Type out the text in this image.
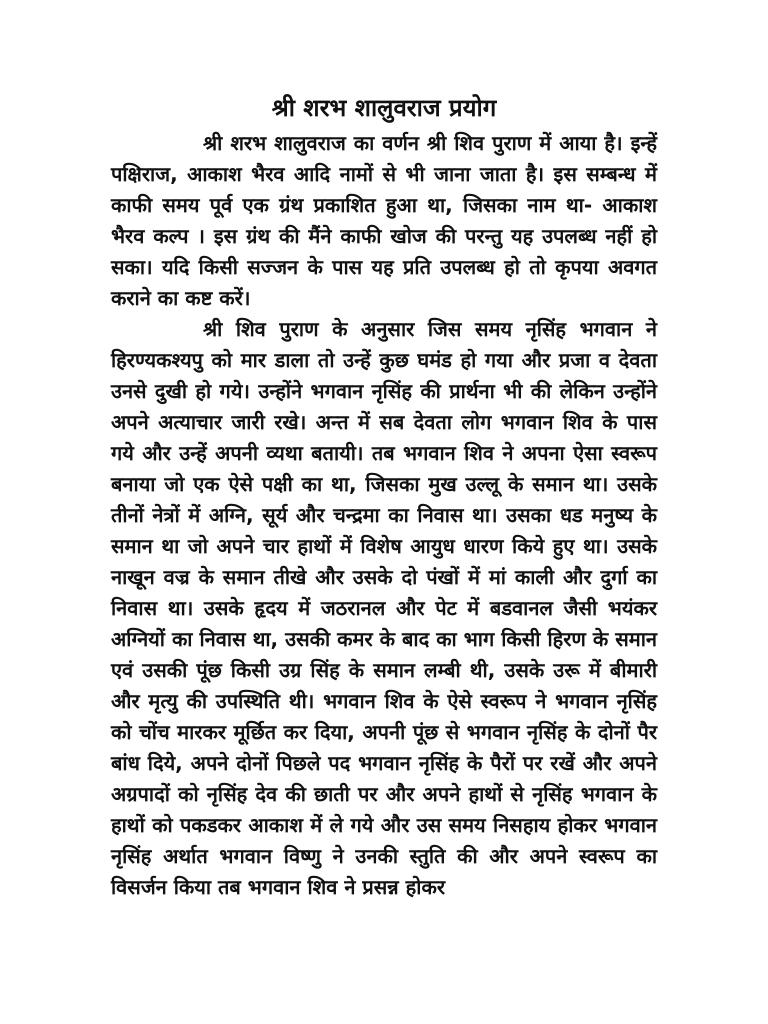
श्री शरभ शालुवराज प्रयोग

श्री शरभ शालुवराज का वर्णन श्री शिव पुराण में आया है। इन्हें पक्षिराज, आकाश भैरव आदि नामों से भी जाना जाता है। इस सम्बन्ध में काफी समय पूर्व एक ग्रंथ प्रकाशित हुआ था, जिसका नाम था- आकाश भैरव कल्प । इस ग्रंथ की मैंने काफी खोज की परन्तु यह उपलब्ध नहीं हो सका। यदि किसी सज्जन के पास यह प्रति उपलब्ध हो तो कृपया अवगत कराने का कष्ट करें।

श्री शिव पुराण के अनुसार जिस समय नृसिंह भगवान ने हिरण्यकश्यपु को मार डाला तो उन्हें कुछ घमंड हो गया और प्रजा व देवता उनसे दुखी हो गये। उन्होंने भगवान नृसिंह की प्रार्थना भी की लेकिन उन्होंने अपने अत्याचार जारी रखे। अन्त में सब देवता लोग भगवान शिव के पास गये और उन्हें अपनी व्यथा बतायी। तब भगवान शिव ने अपना ऐसा स्वरूप बनाया जो एक ऐसे पक्षी का था, जिसका मुख उल्लू के समान था। उसके तीनों नेत्रों में अग्नि, सूर्य और चन्द्रमा का निवास था। उसका धड मनुष्य के समान था जो अपने चार हाथों में विशेष आयुध धारण किये हुए था। उसके नाखून वज्र के समान तीखे और उसके दो पंखों में मां काली और दुर्गा का निवास था। उसके हृदय में जठरानल और पेट में बडवानल जैसी भयंकर अग्नियों का निवास था, उसकी कमर के बाद का भाग किसी हिरण के समान एवं उसकी पूंछ किसी उग्र सिंह के समान लम्बी थी, उसके उरू में बीमारी और मृत्यु की उपस्थिति थी। भगवान शिव के ऐसे स्वरूप ने भगवान नृसिंह को चोंच मारकर मूर्छित कर दिया, अपनी पूंछ से भगवान नृसिंह के दोनों पैर बांध दिये, अपने दोनों पिछले पद भगवान नृसिंह के पैरों पर रखें और अपने अग्रपादों को नृसिंह देव की छाती पर और अपने हाथों से नृसिंह भगवान के हाथों को पकडकर आकाश में ले गये और उस समय निसहाय होकर भगवान नृसिंह अर्थात भगवान विष्णु ने उनकी स्तुति की और अपने स्वरूप का विसर्जन किया तब भगवान शिव ने प्रसन्न होकर
